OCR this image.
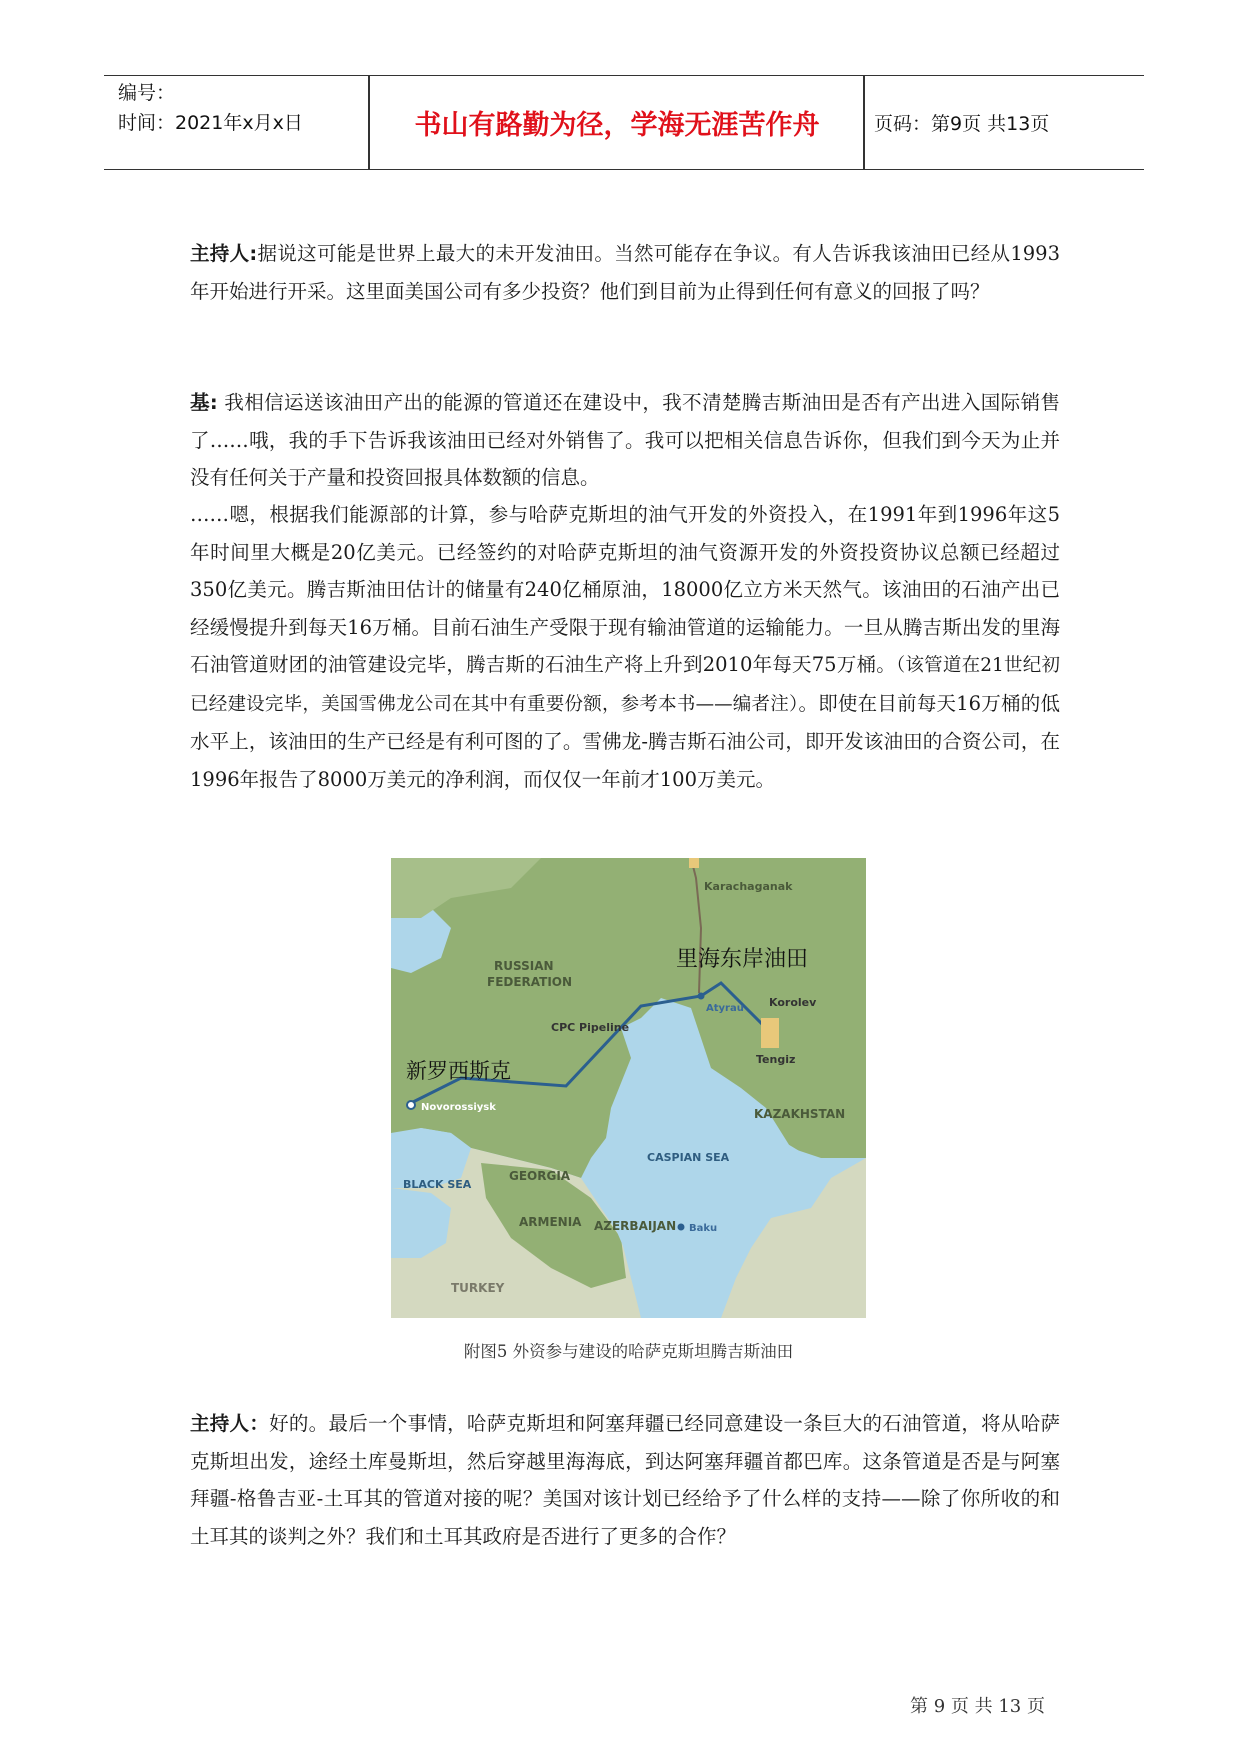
编号：
时间：2021年x月x日	书山有路勤为径，学海无涯苦作舟	页码：第9页 共13页

主持人:据说这可能是世界上最大的未开发油田。当然可能存在争议。有人告诉我该油田已经从1993年开始进行开采。这里面美国公司有多少投资？他们到目前为止得到任何有意义的回报了吗？

基: 我相信运送该油田产出的能源的管道还在建设中，我不清楚腾吉斯油田是否有产出进入国际销售了……哦，我的手下告诉我该油田已经对外销售了。我可以把相关信息告诉你，但我们到今天为止并没有任何关于产量和投资回报具体数额的信息。

……嗯，根据我们能源部的计算，参与哈萨克斯坦的油气开发的外资投入，在1991年到1996年这5年时间里大概是20亿美元。已经签约的对哈萨克斯坦的油气资源开发的外资投资协议总额已经超过350亿美元。腾吉斯油田估计的储量有240亿桶原油，18000亿立方米天然气。该油田的石油产出已经缓慢提升到每天16万桶。目前石油生产受限于现有输油管道的运输能力。一旦从腾吉斯出发的里海石油管道财团的油管建设完毕，腾吉斯的石油生产将上升到2010年每天75万桶。（该管道在21世纪初已经建设完毕，美国雪佛龙公司在其中有重要份额，参考本书——编者注）。即使在目前每天16万桶的低水平上，该油田的生产已经是有利可图的了。雪佛龙-腾吉斯石油公司，即开发该油田的合资公司，在1996年报告了8000万美元的净利润，而仅仅一年前才100万美元。

Karachaganak
RUSSIAN
FEDERATION
Atyrau Korolev
CPC Pipeline
Tengiz
Novorossiysk	KAZAKHSTAN
CASPIAN SEA
BLACK SEA
GEORGIA
ARMENIA AZERBAIJAN Baku
TURKEY
里海东岸油田
新罗西斯克
附图5 外资参与建设的哈萨克斯坦腾吉斯油田

主持人：好的。最后一个事情，哈萨克斯坦和阿塞拜疆已经同意建设一条巨大的石油管道，将从哈萨克斯坦出发，途经土库曼斯坦，然后穿越里海海底，到达阿塞拜疆首都巴库。这条管道是否是与阿塞拜疆-格鲁吉亚-土耳其的管道对接的呢？美国对该计划已经给予了什么样的支持——除了你所收的和土耳其的谈判之外？我们和土耳其政府是否进行了更多的合作？

第 9 页 共 13 页
